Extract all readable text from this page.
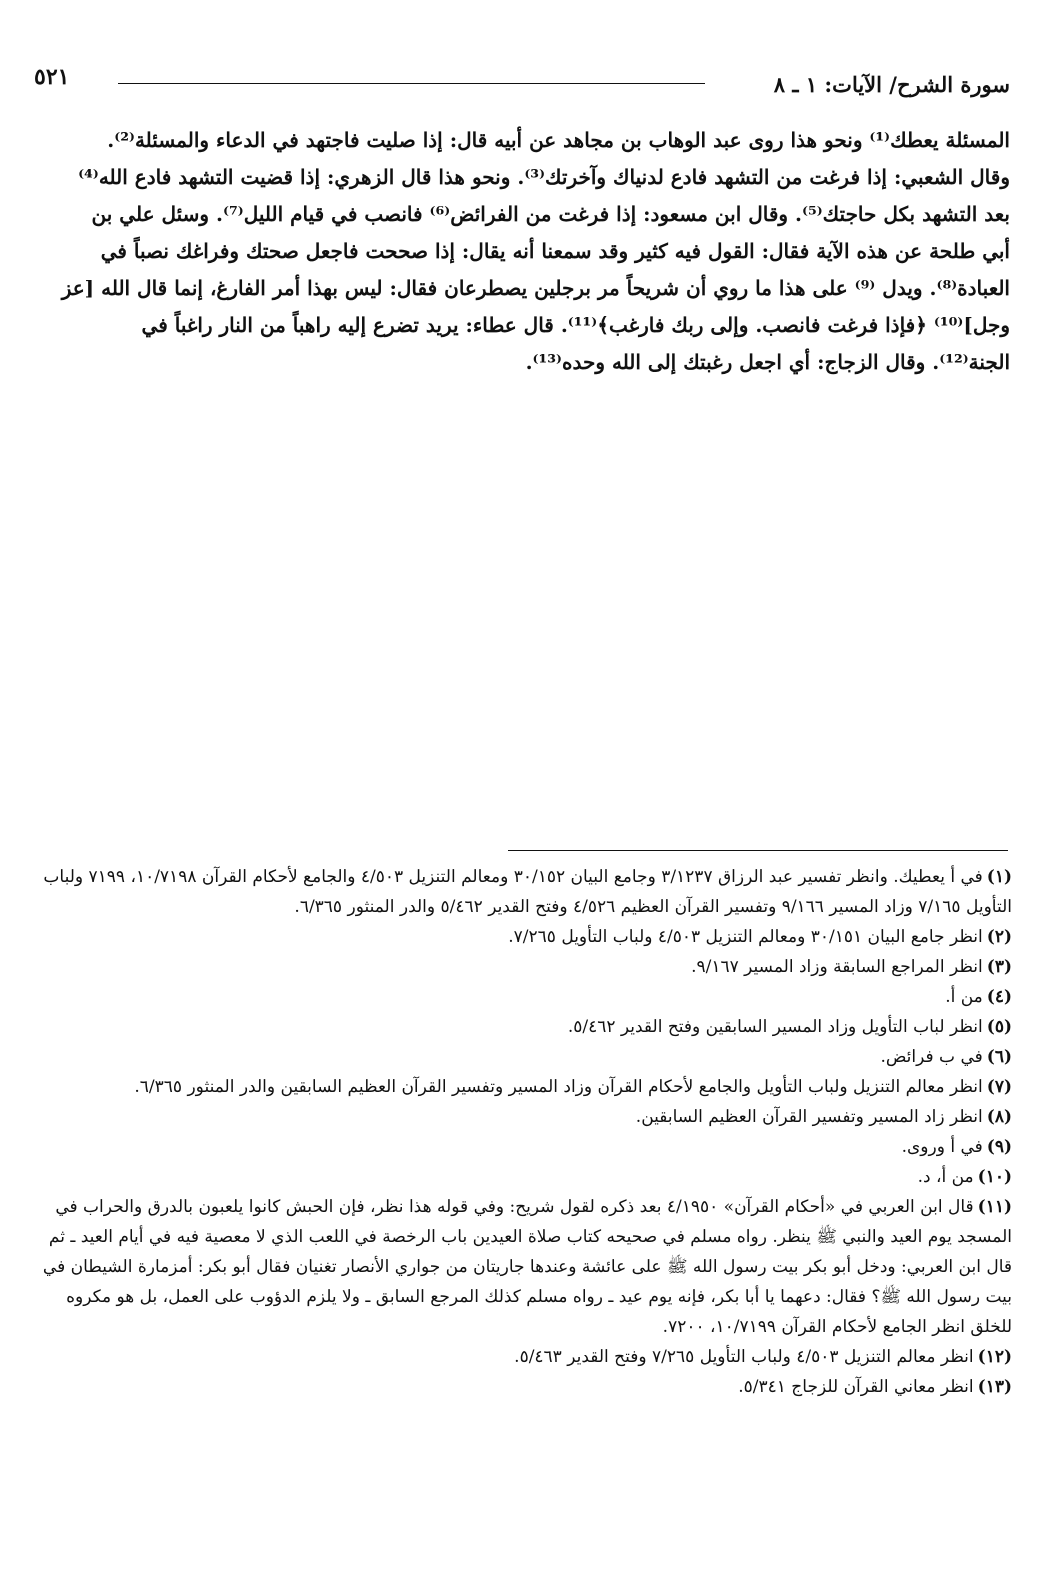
سورة الشرح/ الآيات: ١ ـ ٨
٥٢١
المسئلة يعطك⁽¹⁾ ونحو هذا روى عبد الوهاب بن مجاهد عن أبيه قال: إذا صليت فاجتهد في الدعاء والمسئلة⁽²⁾.
وقال الشعبي: إذا فرغت من التشهد فادع لدنياك وآخرتك⁽³⁾. ونحو هذا قال الزهري: إذا قضيت التشهد فادع الله⁽⁴⁾
بعد التشهد بكل حاجتك⁽⁵⁾. وقال ابن مسعود: إذا فرغت من الفرائض⁽⁶⁾ فانصب في قيام الليل⁽⁷⁾. وسئل علي بن
أبي طلحة عن هذه الآية فقال: القول فيه كثير وقد سمعنا أنه يقال: إذا صححت فاجعل صحتك وفراغك نصباً في
العبادة⁽⁸⁾. ويدل ⁽⁹⁾ على هذا ما روي أن شريحاً مر برجلين يصطرعان فقال: ليس بهذا أمر الفارغ، إنما قال الله [عز
وجل]⁽¹⁰⁾ ﴿فإذا فرغت فانصب. وإلى ربك فارغب﴾⁽¹¹⁾. قال عطاء: يريد تضرع إليه راهباً من النار راغباً في
الجنة⁽¹²⁾. وقال الزجاج: أي اجعل رغبتك إلى الله وحده⁽¹³⁾.
(١)في أ يعطيك. وانظر تفسير عبد الرزاق ٣/١٢٣٧ وجامع البيان ٣٠/١٥٢ ومعالم التنزيل ٤/٥٠٣ والجامع لأحكام القرآن ١٠/٧١٩٨، ٧١٩٩ ولباب التأويل ٧/١٦٥ وزاد المسير ٩/١٦٦ وتفسير القرآن العظيم ٤/٥٢٦ وفتح القدير ٥/٤٦٢ والدر المنثور ٦/٣٦٥.
(٢)انظر جامع البيان ٣٠/١٥١ ومعالم التنزيل ٤/٥٠٣ ولباب التأويل ٧/٢٦٥.
(٣)انظر المراجع السابقة وزاد المسير ٩/١٦٧.
(٤)من أ.
(٥)انظر لباب التأويل وزاد المسير السابقين وفتح القدير ٥/٤٦٢.
(٦)في ب فرائض.
(٧)انظر معالم التنزيل ولباب التأويل والجامع لأحكام القرآن وزاد المسير وتفسير القرآن العظيم السابقين والدر المنثور ٦/٣٦٥.
(٨)انظر زاد المسير وتفسير القرآن العظيم السابقين.
(٩)في أ وروى.
(١٠)من أ، د.
(١١)قال ابن العربي في «أحكام القرآن» ٤/١٩٥٠ بعد ذكره لقول شريح: وفي قوله هذا نظر، فإن الحبش كانوا يلعبون بالدرق والحراب في المسجد يوم العيد والنبي ﷺ ينظر. رواه مسلم في صحيحه كتاب صلاة العيدين باب الرخصة في اللعب الذي لا معصية فيه في أيام العيد ـ ثم قال ابن العربي: ودخل أبو بكر بيت رسول الله ﷺ على عائشة وعندها جاريتان من جواري الأنصار تغنيان فقال أبو بكر: أمزمارة الشيطان في بيت رسول الله ﷺ؟ فقال: دعهما يا أبا بكر، فإنه يوم عيد ـ رواه مسلم كذلك المرجع السابق ـ ولا يلزم الدؤوب على العمل، بل هو مكروه للخلق انظر الجامع لأحكام القرآن ١٠/٧١٩٩، ٧٢٠٠.
(١٢)انظر معالم التنزيل ٤/٥٠٣ ولباب التأويل ٧/٢٦٥ وفتح القدير ٥/٤٦٣.
(١٣)انظر معاني القرآن للزجاج ٥/٣٤١.
